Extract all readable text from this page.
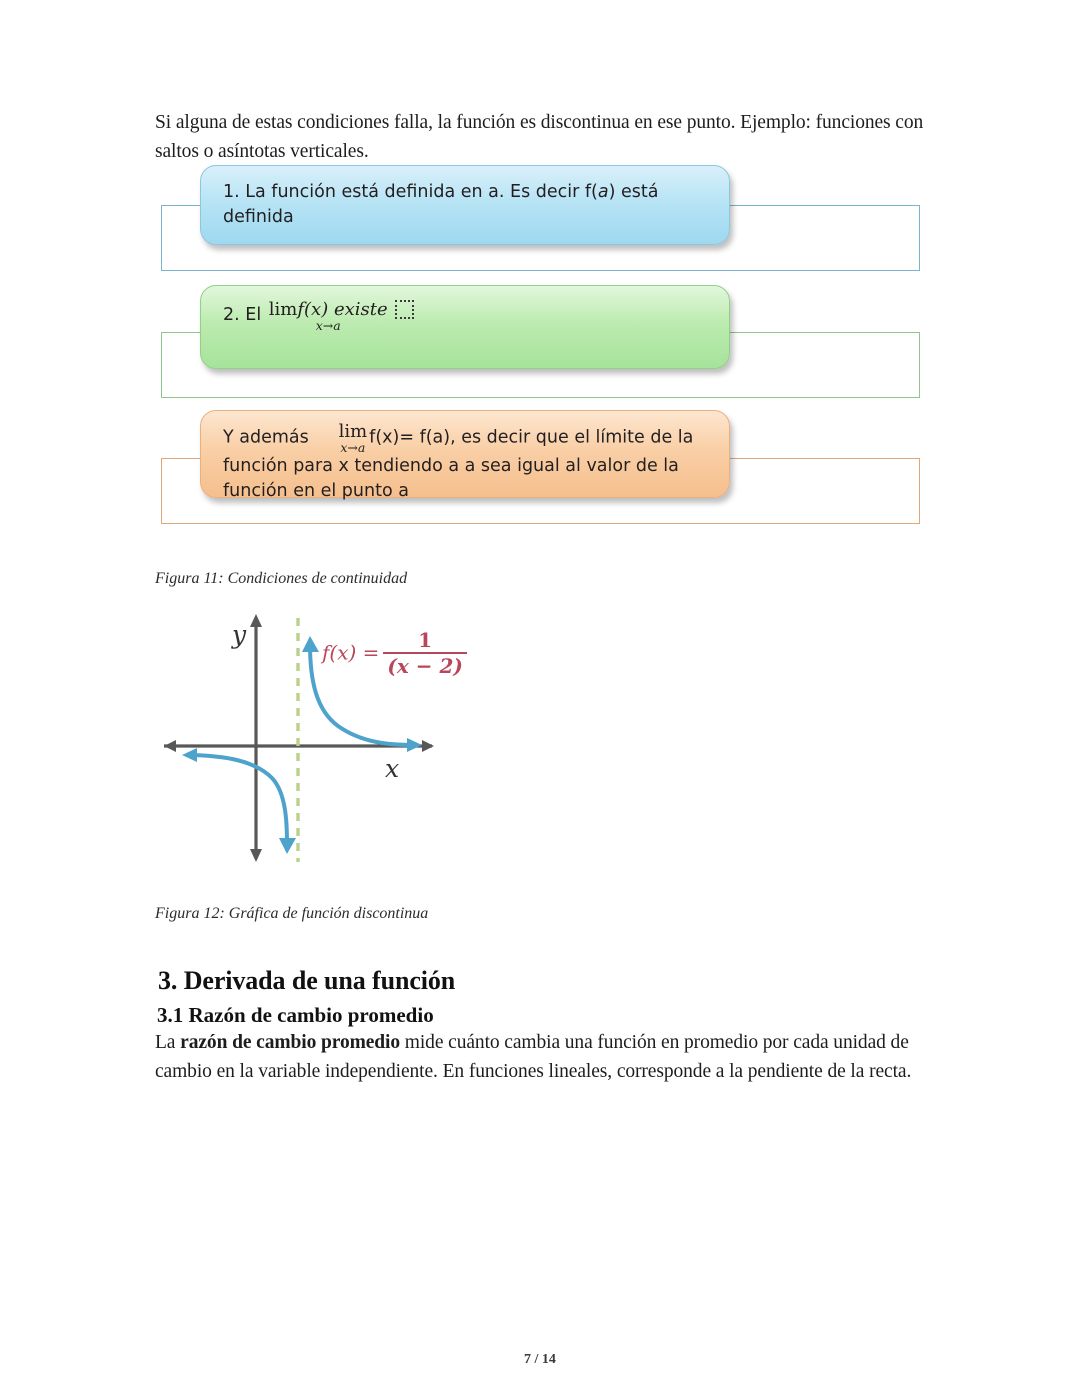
Si alguna de estas condiciones falla, la función es discontinua en ese punto. Ejemplo: funciones con saltos o asíntotas verticales.

1. La función está definida en a. Es decir f(a) está
definida
2. El limf(x) existe
x→a
Y además lim
x→a
f(x)= f(a), es decir que el límite de la
función para x tendiendo a a sea igual al valor de la
función en el punto a
Figura 11: Condiciones de continuidad
y
x
$f(x) = \frac{1}{(x - 2)}$
Figura 12: Gráfica de función discontinua
3. Derivada de una función
3.1 Razón de cambio promedio

La razón de cambio promedio mide cuánto cambia una función en promedio por cada unidad de cambio en la variable independiente. En funciones lineales, corresponde a la pendiente de la recta.

7 / 14
